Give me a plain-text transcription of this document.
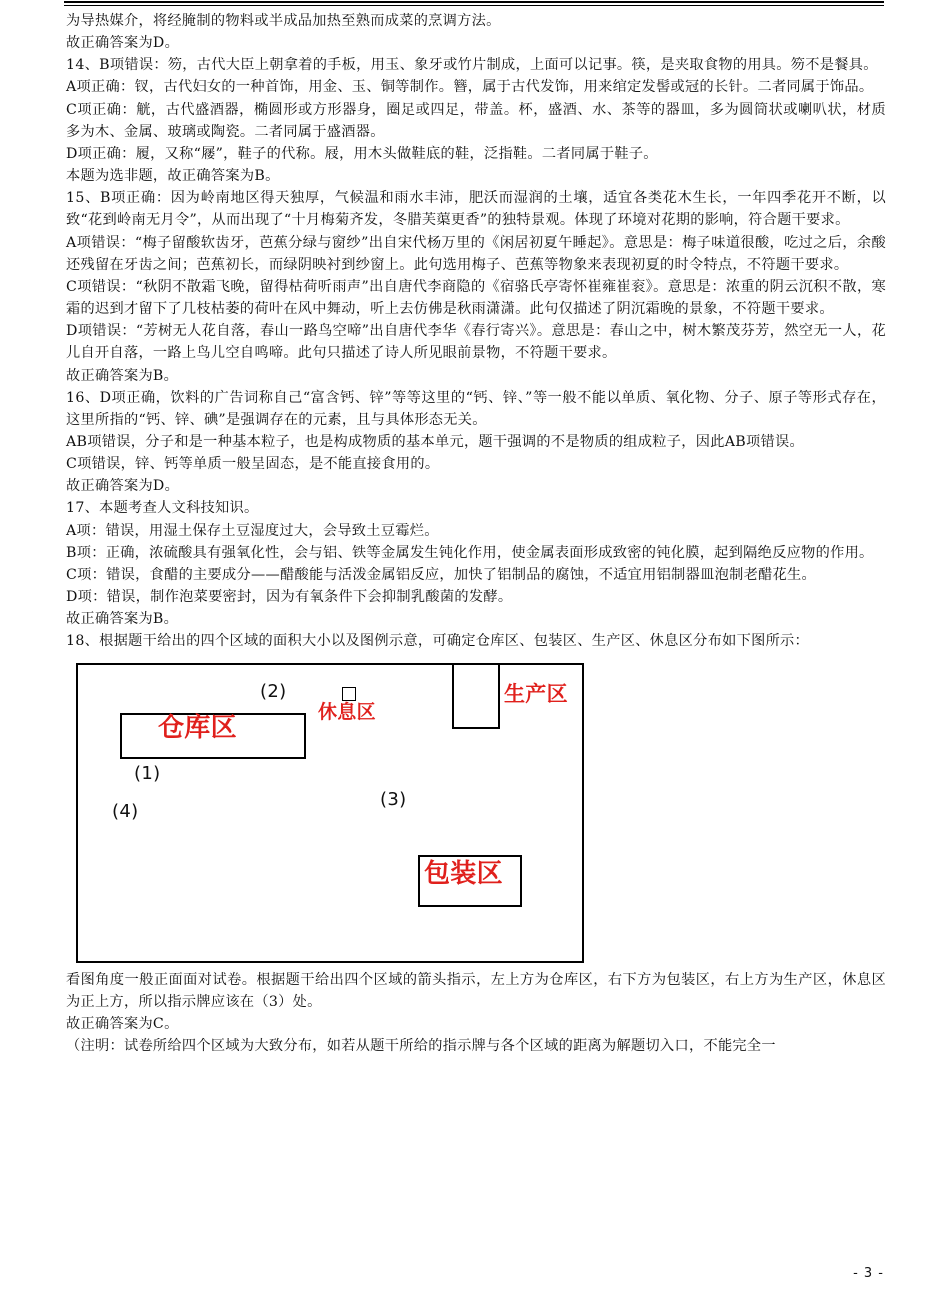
为导热媒介，将经腌制的物料或半成品加热至熟而成菜的烹调方法。

故正确答案为D。

14、B项错误：笏，古代大臣上朝拿着的手板，用玉、象牙或竹片制成，上面可以记事。筷，是夹取食物的用具。笏不是餐具。

A项正确：钗，古代妇女的一种首饰，用金、玉、铜等制作。簪，属于古代发饰，用来绾定发髻或冠的长针。二者同属于饰品。

C项正确：觥，古代盛酒器，椭圆形或方形器身，圈足或四足，带盖。杯，盛酒、水、茶等的器皿，多为圆筒状或喇叭状，材质多为木、金属、玻璃或陶瓷。二者同属于盛酒器。

D项正确：履，又称“屦”，鞋子的代称。屐，用木头做鞋底的鞋，泛指鞋。二者同属于鞋子。

本题为选非题，故正确答案为B。

15、B项正确：因为岭南地区得天独厚，气候温和雨水丰沛，肥沃而湿润的土壤，适宜各类花木生长，一年四季花开不断，以致“花到岭南无月令”，从而出现了“十月梅菊齐发，冬腊芙蕖更香”的独特景观。体现了环境对花期的影响，符合题干要求。

A项错误：“梅子留酸软齿牙，芭蕉分绿与窗纱”出自宋代杨万里的《闲居初夏午睡起》。意思是：梅子味道很酸，吃过之后，余酸还残留在牙齿之间；芭蕉初长，而绿阴映衬到纱窗上。此句选用梅子、芭蕉等物象来表现初夏的时令特点，不符题干要求。

C项错误：“秋阴不散霜飞晚，留得枯荷听雨声”出自唐代李商隐的《宿骆氏亭寄怀崔雍崔衮》。意思是：浓重的阴云沉积不散，寒霜的迟到才留下了几枝枯萎的荷叶在风中舞动，听上去仿佛是秋雨潇潇。此句仅描述了阴沉霜晚的景象，不符题干要求。

D项错误：“芳树无人花自落，春山一路鸟空啼”出自唐代李华《春行寄兴》。意思是：春山之中，树木繁茂芬芳，然空无一人，花儿自开自落，一路上鸟儿空自鸣啼。此句只描述了诗人所见眼前景物，不符题干要求。

故正确答案为B。

16、D项正确，饮料的广告词称自己“富含钙、锌”等等这里的“钙、锌、”等一般不能以单质、氧化物、分子、原子等形式存在，这里所指的“钙、锌、碘”是强调存在的元素，且与具体形态无关。

AB项错误，分子和是一种基本粒子，也是构成物质的基本单元，题干强调的不是物质的组成粒子，因此AB项错误。

C项错误，锌、钙等单质一般呈固态，是不能直接食用的。

故正确答案为D。

17、本题考查人文科技知识。

A项：错误，用湿土保存土豆湿度过大，会导致土豆霉烂。

B项：正确，浓硫酸具有强氧化性，会与铝、铁等金属发生钝化作用，使金属表面形成致密的钝化膜，起到隔绝反应物的作用。

C项：错误，食醋的主要成分——醋酸能与活泼金属铝反应，加快了铝制品的腐蚀，不适宜用铝制器皿泡制老醋花生。

D项：错误，制作泡菜要密封，因为有氧条件下会抑制乳酸菌的发酵。

故正确答案为B。

18、根据题干给出的四个区域的面积大小以及图例示意，可确定仓库区、包装区、生产区、休息区分布如下图所示：

仓库区
生产区
休息区
包装区
(2)
(1)
(3)
(4)

看图角度一般正面面对试卷。根据题干给出四个区域的箭头指示，左上方为仓库区，右下方为包装区，右上方为生产区，休息区为正上方，所以指示牌应该在（3）处。

故正确答案为C。

（注明：试卷所给四个区域为大致分布，如若从题干所给的指示牌与各个区域的距离为解题切入口，不能完全一

- 3 -
